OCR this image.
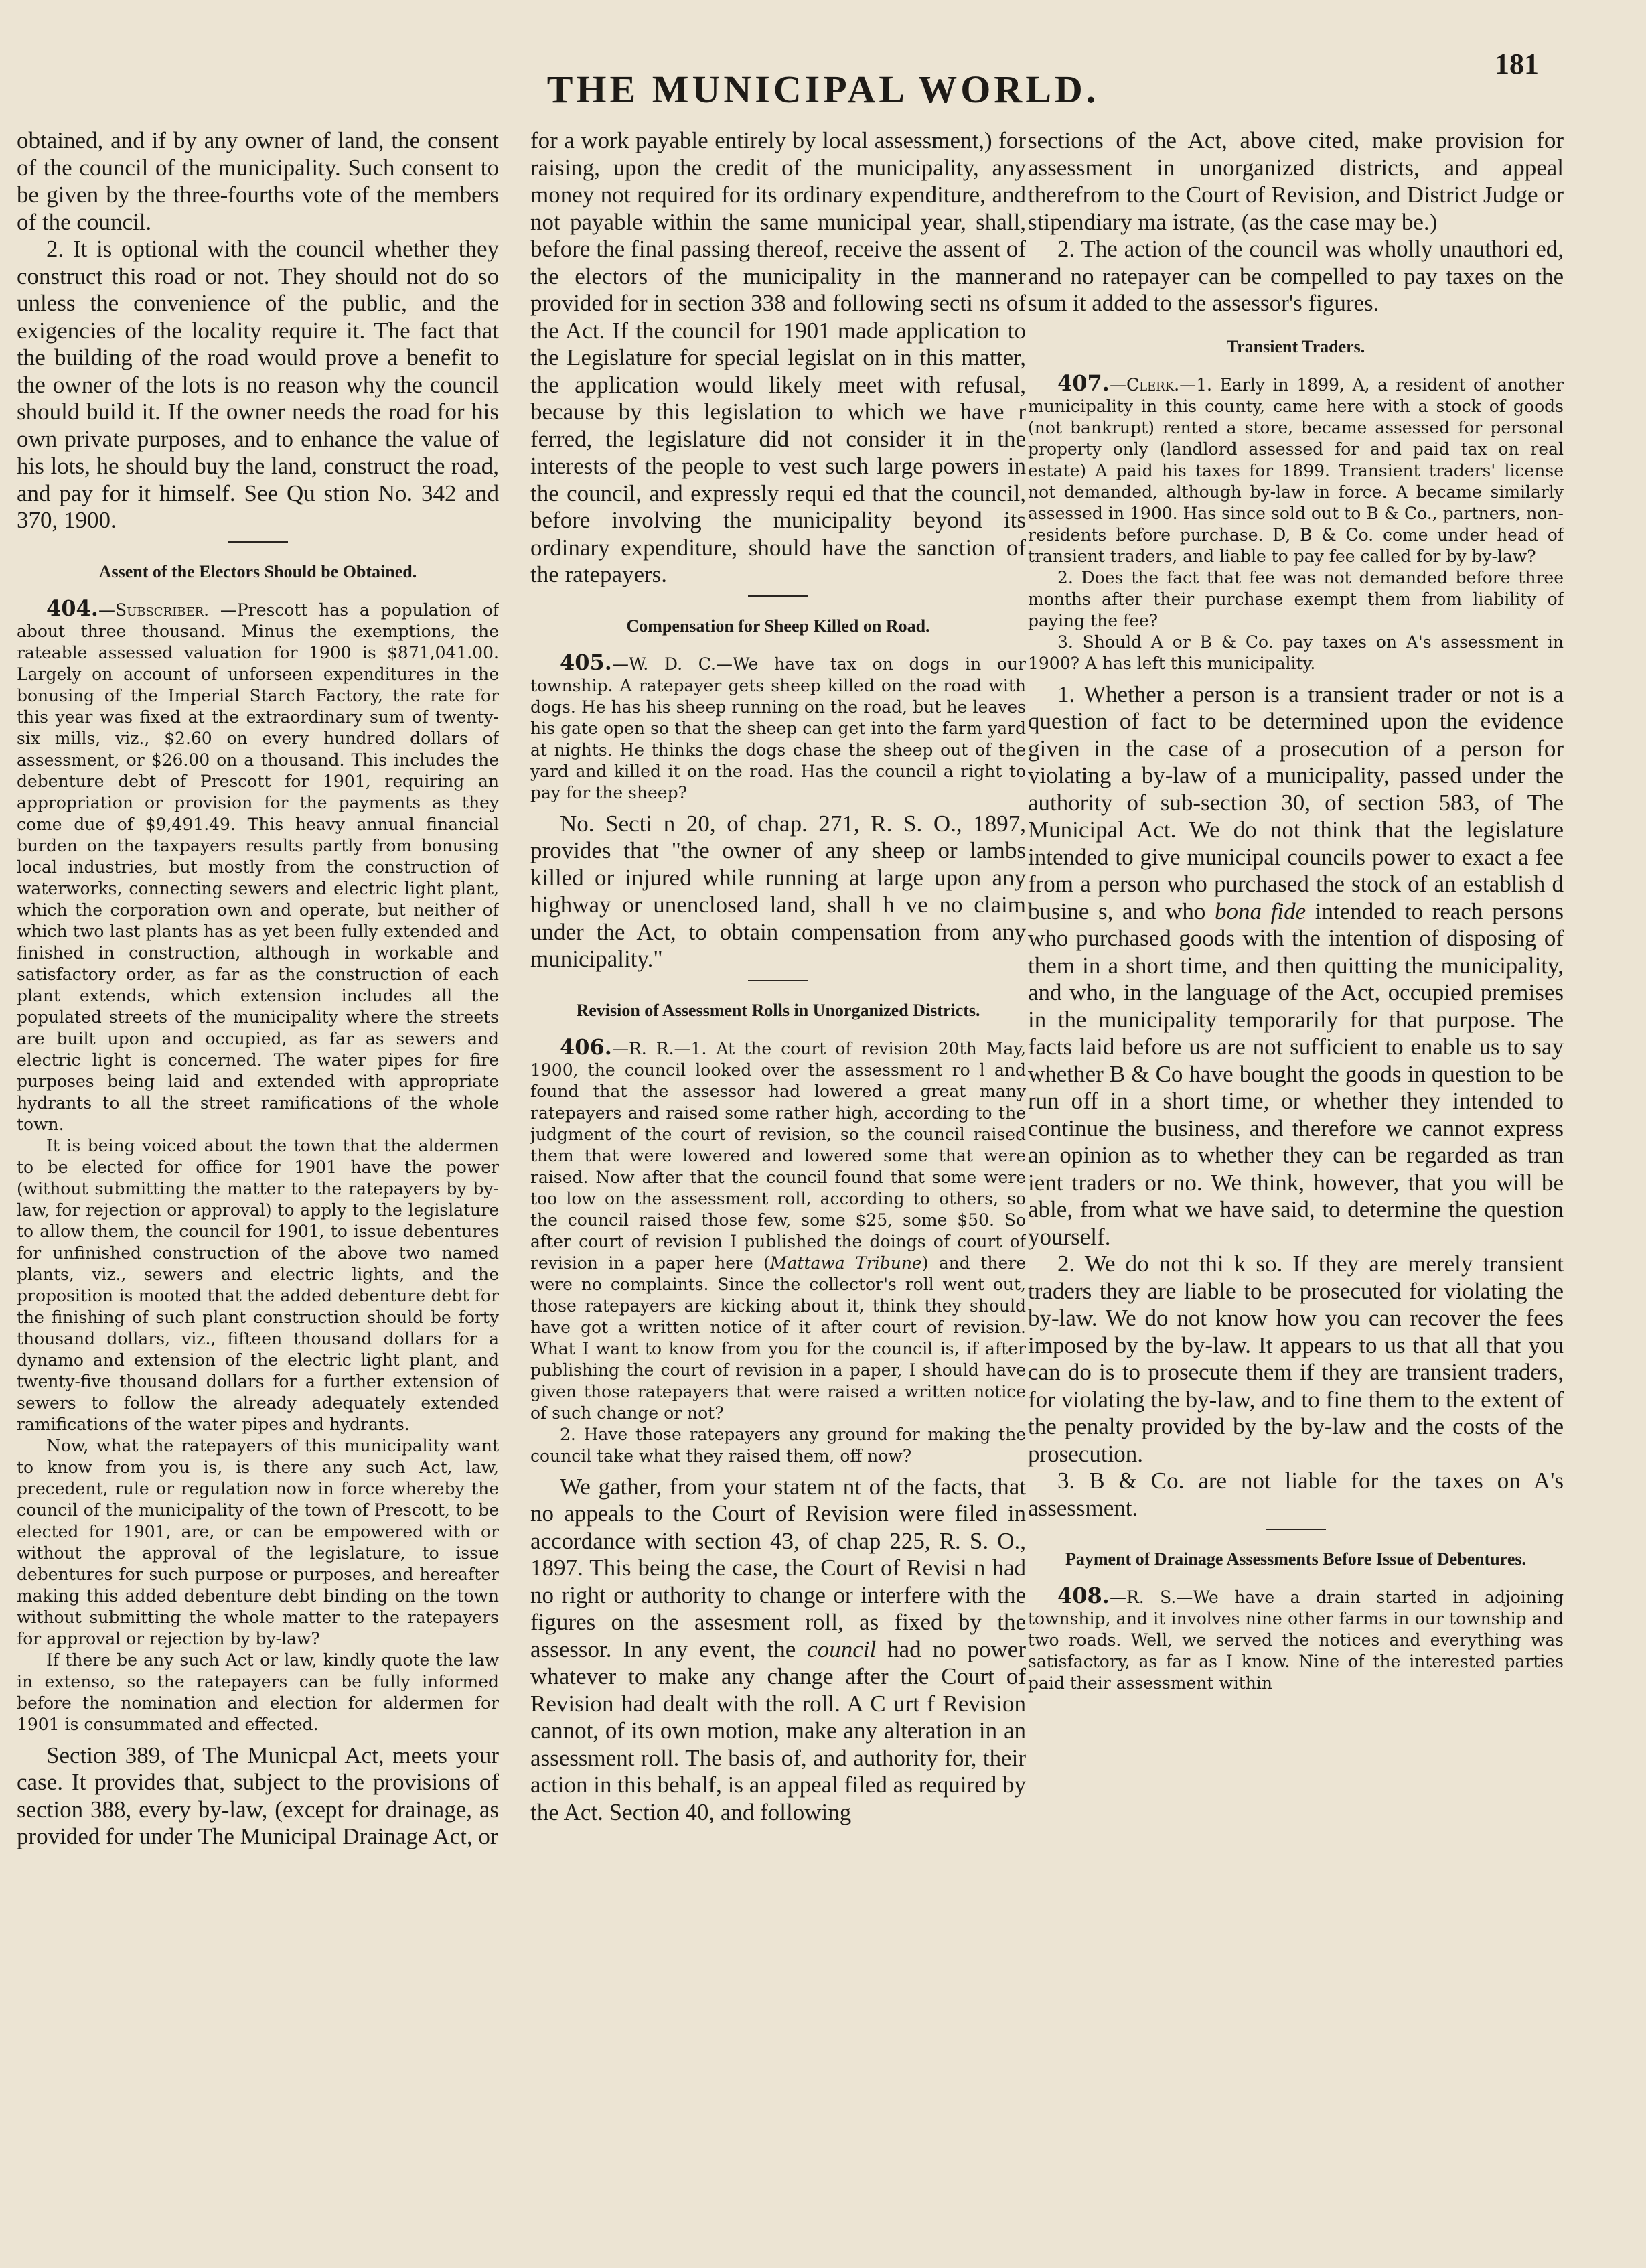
THE MUNICIPAL WORLD.
181

obtained, and if by any owner of land, the consent of the council of the municipality. Such consent to be given by the three-fourths vote of the members of the council.

2. It is optional with the council whether they construct this road or not. They should not do so unless the convenience of the public, and the exigencies of the locality require it. The fact that the building of the road would prove a benefit to the owner of the lots is no reason why the council should build it. If the owner needs the road for his own private purposes, and to enhance the value of his lots, he should buy the land, construct the road, and pay for it himself. See Qu stion No. 342 and 370, 1900.

Assent of the Electors Should be Obtained.

404.—Subscriber. —Prescott has a population of about three thousand. Minus the exemptions, the rateable assessed valuation for 1900 is $871,041.00. Largely on account of unforseen expenditures in the bonusing of the Imperial Starch Factory, the rate for this year was fixed at the extraordinary sum of twenty-six mills, viz., $2.60 on every hundred dollars of assessment, or $26.00 on a thousand. This includes the debenture debt of Prescott for 1901, requiring an appropriation or provision for the payments as they come due of $9,491.49. This heavy annual financial burden on the taxpayers results partly from bonusing local industries, but mostly from the construction of waterworks, connecting sewers and electric light plant, which the corporation own and operate, but neither of which two last plants has as yet been fully extended and finished in construction, although in workable and satisfactory order, as far as the construction of each plant extends, which extension includes all the populated streets of the municipality where the streets are built upon and occupied, as far as sewers and electric light is concerned. The water pipes for fire purposes being laid and extended with appropriate hydrants to all the street ramifications of the whole town.

It is being voiced about the town that the aldermen to be elected for office for 1901 have the power (without submitting the matter to the ratepayers by by-law, for rejection or approval) to apply to the legislature to allow them, the council for 1901, to issue debentures for unfinished construction of the above two named plants, viz., sewers and electric lights, and the proposition is mooted that the added debenture debt for the finishing of such plant construction should be forty thousand dollars, viz., fifteen thousand dollars for a dynamo and extension of the electric light plant, and twenty-five thousand dollars for a further extension of sewers to follow the already adequately extended ramifications of the water pipes and hydrants.

Now, what the ratepayers of this municipality want to know from you is, is there any such Act, law, precedent, rule or regulation now in force whereby the council of the municipality of the town of Prescott, to be elected for 1901, are, or can be empowered with or without the approval of the legislature, to issue debentures for such purpose or purposes, and hereafter making this added debenture debt binding on the town without submitting the whole matter to the ratepayers for approval or rejection by by-law?

If there be any such Act or law, kindly quote the law in extenso, so the ratepayers can be fully informed before the nomination and election for aldermen for 1901 is consummated and effected.

Section 389, of The Municpal Act, meets your case. It provides that, subject to the provisions of section 388, every by-law, (except for drainage, as provided for under The Municipal Drainage Act, or

for a work payable entirely by local assessment,) for raising, upon the credit of the municipality, any money not required for its ordinary expenditure, and not payable within the same municipal year, shall, before the final passing thereof, receive the assent of the electors of the municipality in the manner provided for in section 338 and following secti ns of the Act. If the council for 1901 made application to the Legislature for special legislat on in this matter, the application would likely meet with refusal, because by this legislation to which we have r ferred, the legislature did not consider it in the interests of the people to vest such large powers in the council, and expressly requi ed that the council, before involving the municipality beyond its ordinary expenditure, should have the sanction of the ratepayers.

Compensation for Sheep Killed on Road.

405.—W. D. C.—We have tax on dogs in our township. A ratepayer gets sheep killed on the road with dogs. He has his sheep running on the road, but he leaves his gate open so that the sheep can get into the farm yard at nights. He thinks the dogs chase the sheep out of the yard and killed it on the road. Has the council a right to pay for the sheep?

No. Secti n 20, of chap. 271, R. S. O., 1897, provides that "the owner of any sheep or lambs killed or injured while running at large upon any highway or unenclosed land, shall h ve no claim under the Act, to obtain compensation from any municipality."

Revision of Assessment Rolls in Unorganized Districts.

406.—R. R.—1. At the court of revision 20th May, 1900, the council looked over the assessment ro l and found that the assessor had lowered a great many ratepayers and raised some rather high, according to the judgment of the court of revision, so the council raised them that were lowered and lowered some that were raised. Now after that the council found that some were too low on the assessment roll, according to others, so the council raised those few, some $25, some $50. So after court of revision I published the doings of court of revision in a paper here (Mattawa Tribune) and there were no complaints. Since the collector's roll went out, those ratepayers are kicking about it, think they should have got a written notice of it after court of revision. What I want to know from you for the council is, if after publishing the court of revision in a paper, I should have given those ratepayers that were raised a written notice of such change or not?

2. Have those ratepayers any ground for making the council take what they raised them, off now?

We gather, from your statem nt of the facts, that no appeals to the Court of Revision were filed in accordance with section 43, of chap 225, R. S. O., 1897. This being the case, the Court of Revisi n had no right or authority to change or interfere with the figures on the assesment roll, as fixed by the assessor. In any event, the council had no power whatever to make any change after the Court of Revision had dealt with the roll. A C urt f Revision cannot, of its own motion, make any alteration in an assessment roll. The basis of, and authority for, their action in this behalf, is an appeal filed as required by the Act. Section 40, and following

sections of the Act, above cited, make provision for assessment in unorganized districts, and appeal therefrom to the Court of Revision, and District Judge or stipendiary ma istrate, (as the case may be.)

2. The action of the council was wholly unauthori ed, and no ratepayer can be compelled to pay taxes on the sum it added to the assessor's figures.

Transient Traders.

407.—Clerk.—1. Early in 1899, A, a resident of another municipality in this county, came here with a stock of goods (not bankrupt) rented a store, became assessed for personal property only (landlord assessed for and paid tax on real estate) A paid his taxes for 1899. Transient traders' license not demanded, although by-law in force. A became similarly assessed in 1900. Has since sold out to B & Co., partners, non-residents before purchase. D, B & Co. come under head of transient traders, and liable to pay fee called for by by-law?

2. Does the fact that fee was not demanded before three months after their purchase exempt them from liability of paying the fee?

3. Should A or B & Co. pay taxes on A's assessment in 1900? A has left this municipality.

1. Whether a person is a transient trader or not is a question of fact to be determined upon the evidence given in the case of a prosecution of a person for violating a by-law of a municipality, passed under the authority of sub-section 30, of section 583, of The Municipal Act. We do not think that the legislature intended to give municipal councils power to exact a fee from a person who purchased the stock of an establish d busine s, and who bona fide intended to reach persons who purchased goods with the intention of disposing of them in a short time, and then quitting the municipality, and who, in the language of the Act, occupied premises in the municipality temporarily for that purpose. The facts laid before us are not sufficient to enable us to say whether B & Co have bought the goods in question to be run off in a short time, or whether they intended to continue the business, and therefore we cannot express an opinion as to whether they can be regarded as tran ient traders or no. We think, however, that you will be able, from what we have said, to determine the question yourself.

2. We do not thi k so. If they are merely transient traders they are liable to be prosecuted for violating the by-law. We do not know how you can recover the fees imposed by the by-law. It appears to us that all that you can do is to prosecute them if they are transient traders, for violating the by-law, and to fine them to the extent of the penalty provided by the by-law and the costs of the prosecution.

3. B & Co. are not liable for the taxes on A's assessment.

Payment of Drainage Assessments Before Issue of Debentures.

408.—R. S.—We have a drain started in adjoining township, and it involves nine other farms in our township and two roads. Well, we served the notices and everything was satisfactory, as far as I know. Nine of the interested parties paid their assessment within
